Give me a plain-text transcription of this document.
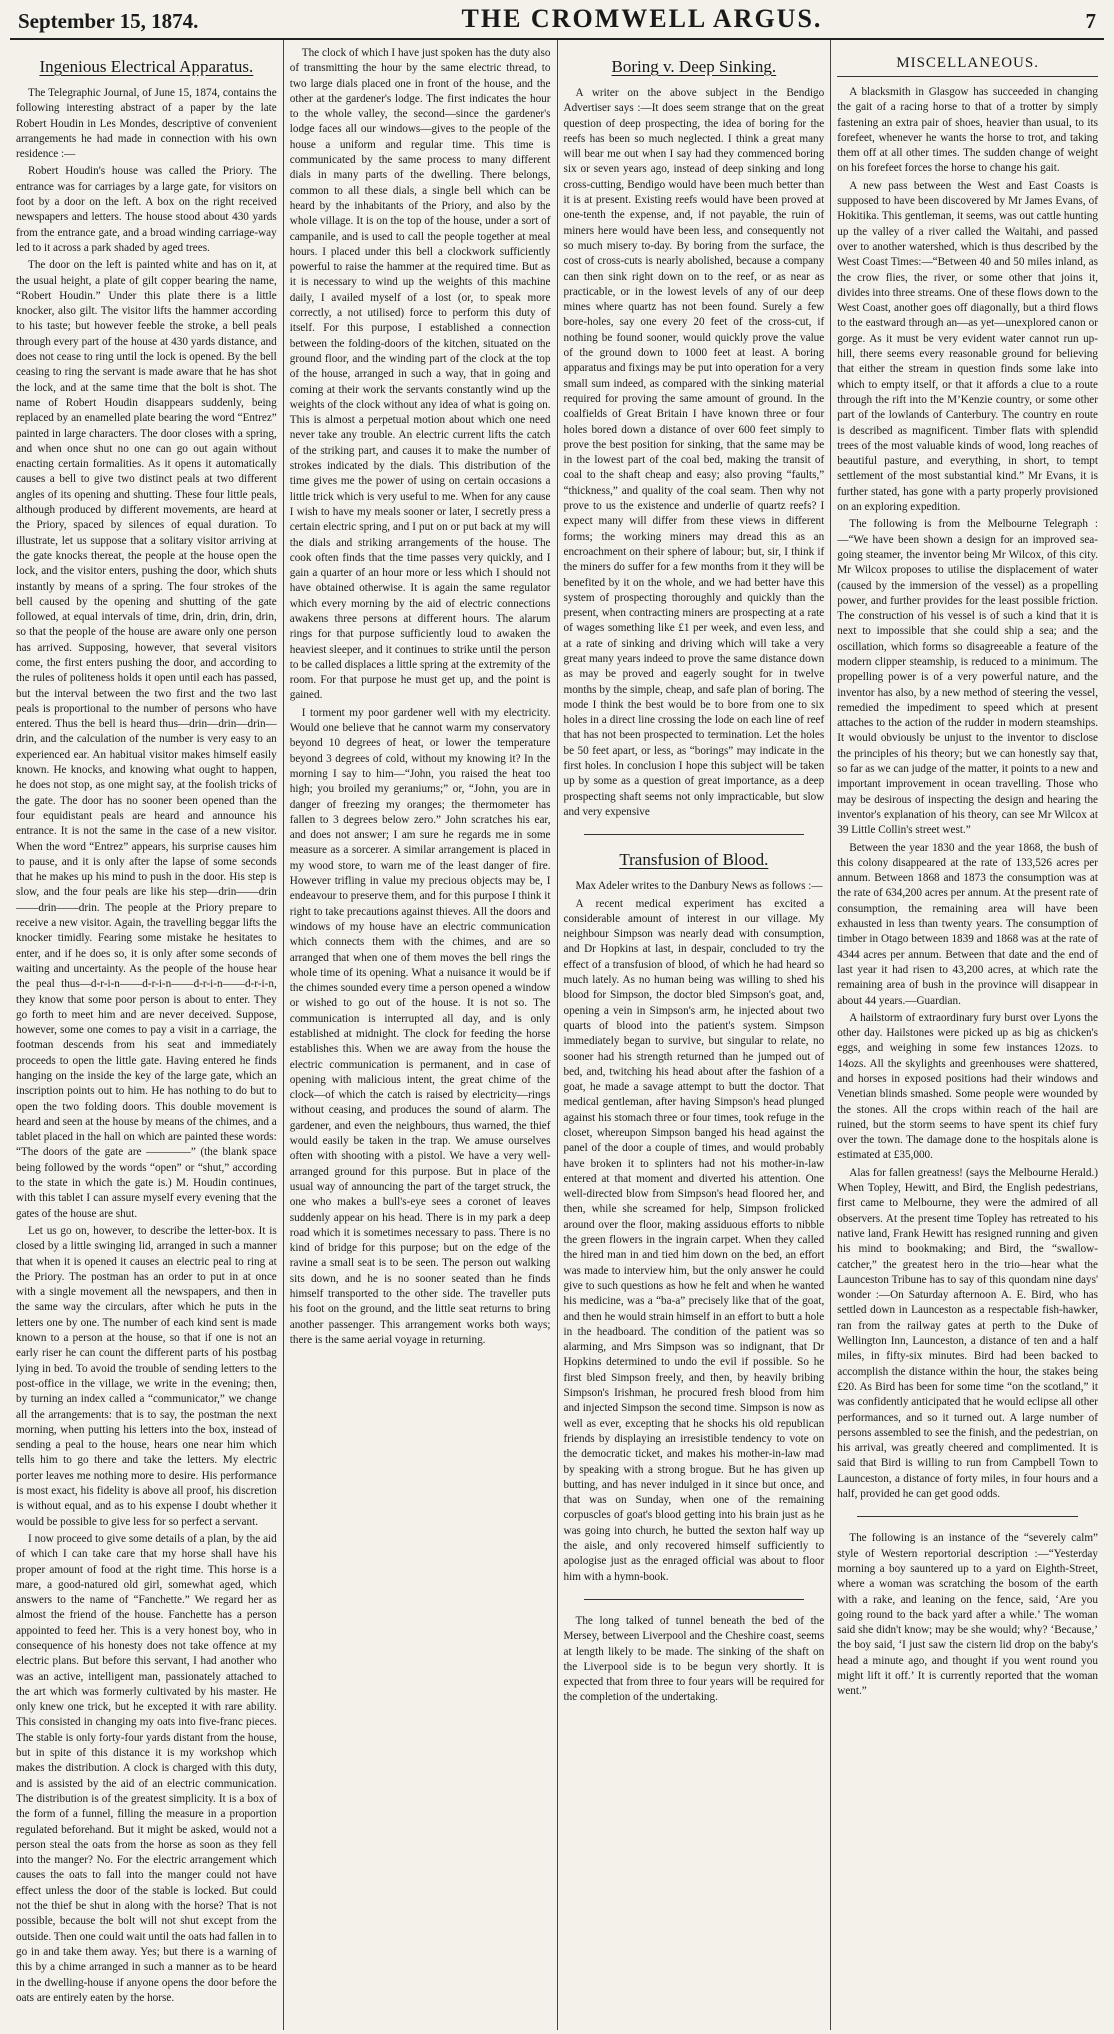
September 15, 1874.	THE CROMWELL ARGUS.	7
Ingenious Electrical Apparatus.

The Telegraphic Journal, of June 15, 1874, contains the following interesting abstract of a paper by the late Robert Houdin in Les Mondes, descriptive of convenient arrangements he had made in connection with his own residence :—

Robert Houdin's house was called the Priory. The entrance was for carriages by a large gate, for visitors on foot by a door on the left. A box on the right received newspapers and letters. The house stood about 430 yards from the entrance gate, and a broad winding carriage-way led to it across a park shaded by aged trees.

The door on the left is painted white and has on it, at the usual height, a plate of gilt copper bearing the name, “Robert Houdin.” Under this plate there is a little knocker, also gilt. The visitor lifts the hammer according to his taste; but however feeble the stroke, a bell peals through every part of the house at 430 yards distance, and does not cease to ring until the lock is opened. By the bell ceasing to ring the servant is made aware that he has shot the lock, and at the same time that the bolt is shot. The name of Robert Houdin disappears suddenly, being replaced by an enamelled plate bearing the word “Entrez” painted in large characters. The door closes with a spring, and when once shut no one can go out again without enacting certain formalities. As it opens it automatically causes a bell to give two distinct peals at two different angles of its opening and shutting. These four little peals, although produced by different movements, are heard at the Priory, spaced by silences of equal duration. To illustrate, let us suppose that a solitary visitor arriving at the gate knocks thereat, the people at the house open the lock, and the visitor enters, pushing the door, which shuts instantly by means of a spring. The four strokes of the bell caused by the opening and shutting of the gate followed, at equal intervals of time, drin, drin, drin, drin, so that the people of the house are aware only one person has arrived. Supposing, however, that several visitors come, the first enters pushing the door, and according to the rules of politeness holds it open until each has passed, but the interval between the two first and the two last peals is proportional to the number of persons who have entered. Thus the bell is heard thus—drin—drin—drin—drin, and the calculation of the number is very easy to an experienced ear. An habitual visitor makes himself easily known. He knocks, and knowing what ought to happen, he does not stop, as one might say, at the foolish tricks of the gate. The door has no sooner been opened than the four equidistant peals are heard and announce his entrance. It is not the same in the case of a new visitor. When the word “Entrez” appears, his surprise causes him to pause, and it is only after the lapse of some seconds that he makes up his mind to push in the door. His step is slow, and the four peals are like his step—drin——drin——drin——drin. The people at the Priory prepare to receive a new visitor. Again, the travelling beggar lifts the knocker timidly. Fearing some mistake he hesitates to enter, and if he does so, it is only after some seconds of waiting and uncertainty. As the people of the house hear the peal thus—d-r-i-n——d-r-i-n——d-r-i-n——d-r-i-n, they know that some poor person is about to enter. They go forth to meet him and are never deceived. Suppose, however, some one comes to pay a visit in a carriage, the footman descends from his seat and immediately proceeds to open the little gate. Having entered he finds hanging on the inside the key of the large gate, which an inscription points out to him. He has nothing to do but to open the two folding doors. This double movement is heard and seen at the house by means of the chimes, and a tablet placed in the hall on which are painted these words: “The doors of the gate are ————” (the blank space being followed by the words “open” or “shut,” according to the state in which the gate is.) M. Houdin continues, with this tablet I can assure myself every evening that the gates of the house are shut.

Let us go on, however, to describe the letter-box. It is closed by a little swinging lid, arranged in such a manner that when it is opened it causes an electric peal to ring at the Priory. The postman has an order to put in at once with a single movement all the newspapers, and then in the same way the circulars, after which he puts in the letters one by one. The number of each kind sent is made known to a person at the house, so that if one is not an early riser he can count the different parts of his postbag lying in bed. To avoid the trouble of sending letters to the post-office in the village, we write in the evening; then, by turning an index called a “communicator,” we change all the arrangements: that is to say, the postman the next morning, when putting his letters into the box, instead of sending a peal to the house, hears one near him which tells him to go there and take the letters. My electric porter leaves me nothing more to desire. His performance is most exact, his fidelity is above all proof, his discretion is without equal, and as to his expense I doubt whether it would be possible to give less for so perfect a servant.

I now proceed to give some details of a plan, by the aid of which I can take care that my horse shall have his proper amount of food at the right time. This horse is a mare, a good-natured old girl, somewhat aged, which answers to the name of “Fanchette.” We regard her as almost the friend of the house. Fanchette has a person appointed to feed her. This is a very honest boy, who in consequence of his honesty does not take offence at my electric plans. But before this servant, I had another who was an active, intelligent man, passionately attached to the art which was formerly cultivated by his master. He only knew one trick, but he excepted it with rare ability. This consisted in changing my oats into five-franc pieces. The stable is only forty-four yards distant from the house, but in spite of this distance it is my workshop which makes the distribution. A clock is charged with this duty, and is assisted by the aid of an electric communication. The distribution is of the greatest simplicity. It is a box of the form of a funnel, filling the measure in a proportion regulated beforehand. But it might be asked, would not a person steal the oats from the horse as soon as they fell into the manger? No. For the electric arrangement which causes the oats to fall into the manger could not have effect unless the door of the stable is locked. But could not the thief be shut in along with the horse? That is not possible, because the bolt will not shut except from the outside. Then one could wait until the oats had fallen in to go in and take them away. Yes; but there is a warning of this by a chime arranged in such a manner as to be heard in the dwelling-house if anyone opens the door before the oats are entirely eaten by the horse.

The clock of which I have just spoken has the duty also of transmitting the hour by the same electric thread, to two large dials placed one in front of the house, and the other at the gardener's lodge. The first indicates the hour to the whole valley, the second—since the gardener's lodge faces all our windows—gives to the people of the house a uniform and regular time. This time is communicated by the same process to many different dials in many parts of the dwelling. There belongs, common to all these dials, a single bell which can be heard by the inhabitants of the Priory, and also by the whole village. It is on the top of the house, under a sort of campanile, and is used to call the people together at meal hours. I placed under this bell a clockwork sufficiently powerful to raise the hammer at the required time. But as it is necessary to wind up the weights of this machine daily, I availed myself of a lost (or, to speak more correctly, a not utilised) force to perform this duty of itself. For this purpose, I established a connection between the folding-doors of the kitchen, situated on the ground floor, and the winding part of the clock at the top of the house, arranged in such a way, that in going and coming at their work the servants constantly wind up the weights of the clock without any idea of what is going on. This is almost a perpetual motion about which one need never take any trouble. An electric current lifts the catch of the striking part, and causes it to make the number of strokes indicated by the dials. This distribution of the time gives me the power of using on certain occasions a little trick which is very useful to me. When for any cause I wish to have my meals sooner or later, I secretly press a certain electric spring, and I put on or put back at my will the dials and striking arrangements of the house. The cook often finds that the time passes very quickly, and I gain a quarter of an hour more or less which I should not have obtained otherwise. It is again the same regulator which every morning by the aid of electric connections awakens three persons at different hours. The alarum rings for that purpose sufficiently loud to awaken the heaviest sleeper, and it continues to strike until the person to be called displaces a little spring at the extremity of the room. For that purpose he must get up, and the point is gained.

I torment my poor gardener well with my electricity. Would one believe that he cannot warm my conservatory beyond 10 degrees of heat, or lower the temperature beyond 3 degrees of cold, without my knowing it? In the morning I say to him—“John, you raised the heat too high; you broiled my geraniums;” or, “John, you are in danger of freezing my oranges; the thermometer has fallen to 3 degrees below zero.” John scratches his ear, and does not answer; I am sure he regards me in some measure as a sorcerer. A similar arrangement is placed in my wood store, to warn me of the least danger of fire. However trifling in value my precious objects may be, I endeavour to preserve them, and for this purpose I think it right to take precautions against thieves. All the doors and windows of my house have an electric communication which connects them with the chimes, and are so arranged that when one of them moves the bell rings the whole time of its opening. What a nuisance it would be if the chimes sounded every time a person opened a window or wished to go out of the house. It is not so. The communication is interrupted all day, and is only established at midnight. The clock for feeding the horse establishes this. When we are away from the house the electric communication is permanent, and in case of opening with malicious intent, the great chime of the clock—of which the catch is raised by electricity—rings without ceasing, and produces the sound of alarm. The gardener, and even the neighbours, thus warned, the thief would easily be taken in the trap. We amuse ourselves often with shooting with a pistol. We have a very well-arranged ground for this purpose. But in place of the usual way of announcing the part of the target struck, the one who makes a bull's-eye sees a coronet of leaves suddenly appear on his head. There is in my park a deep road which it is sometimes necessary to pass. There is no kind of bridge for this purpose; but on the edge of the ravine a small seat is to be seen. The person out walking sits down, and he is no sooner seated than he finds himself transported to the other side. The traveller puts his foot on the ground, and the little seat returns to bring another passenger. This arrangement works both ways; there is the same aerial voyage in returning.

Boring v. Deep Sinking.

A writer on the above subject in the Bendigo Advertiser says :—It does seem strange that on the great question of deep prospecting, the idea of boring for the reefs has been so much neglected. I think a great many will bear me out when I say had they commenced boring six or seven years ago, instead of deep sinking and long cross-cutting, Bendigo would have been much better than it is at present. Existing reefs would have been proved at one-tenth the expense, and, if not payable, the ruin of miners here would have been less, and consequently not so much misery to-day. By boring from the surface, the cost of cross-cuts is nearly abolished, because a company can then sink right down on to the reef, or as near as practicable, or in the lowest levels of any of our deep mines where quartz has not been found. Surely a few bore-holes, say one every 20 feet of the cross-cut, if nothing be found sooner, would quickly prove the value of the ground down to 1000 feet at least. A boring apparatus and fixings may be put into operation for a very small sum indeed, as compared with the sinking material required for proving the same amount of ground. In the coalfields of Great Britain I have known three or four holes bored down a distance of over 600 feet simply to prove the best position for sinking, that the same may be in the lowest part of the coal bed, making the transit of coal to the shaft cheap and easy; also proving “faults,” “thickness,” and quality of the coal seam. Then why not prove to us the existence and underlie of quartz reefs? I expect many will differ from these views in different forms; the working miners may dread this as an encroachment on their sphere of labour; but, sir, I think if the miners do suffer for a few months from it they will be benefited by it on the whole, and we had better have this system of prospecting thoroughly and quickly than the present, when contracting miners are prospecting at a rate of wages something like £1 per week, and even less, and at a rate of sinking and driving which will take a very great many years indeed to prove the same distance down as may be proved and eagerly sought for in twelve months by the simple, cheap, and safe plan of boring. The mode I think the best would be to bore from one to six holes in a direct line crossing the lode on each line of reef that has not been prospected to termination. Let the holes be 50 feet apart, or less, as “borings” may indicate in the first holes. In conclusion I hope this subject will be taken up by some as a question of great importance, as a deep prospecting shaft seems not only impracticable, but slow and very expensive

Transfusion of Blood.

Max Adeler writes to the Danbury News as follows :—

A recent medical experiment has excited a considerable amount of interest in our village. My neighbour Simpson was nearly dead with consumption, and Dr Hopkins at last, in despair, concluded to try the effect of a transfusion of blood, of which he had heard so much lately. As no human being was willing to shed his blood for Simpson, the doctor bled Simpson's goat, and, opening a vein in Simpson's arm, he injected about two quarts of blood into the patient's system. Simpson immediately began to survive, but singular to relate, no sooner had his strength returned than he jumped out of bed, and, twitching his head about after the fashion of a goat, he made a savage attempt to butt the doctor. That medical gentleman, after having Simpson's head plunged against his stomach three or four times, took refuge in the closet, whereupon Simpson banged his head against the panel of the door a couple of times, and would probably have broken it to splinters had not his mother-in-law entered at that moment and diverted his attention. One well-directed blow from Simpson's head floored her, and then, while she screamed for help, Simpson frolicked around over the floor, making assiduous efforts to nibble the green flowers in the ingrain carpet. When they called the hired man in and tied him down on the bed, an effort was made to interview him, but the only answer he could give to such questions as how he felt and when he wanted his medicine, was a “ba-a” precisely like that of the goat, and then he would strain himself in an effort to butt a hole in the headboard. The condition of the patient was so alarming, and Mrs Simpson was so indignant, that Dr Hopkins determined to undo the evil if possible. So he first bled Simpson freely, and then, by heavily bribing Simpson's Irishman, he procured fresh blood from him and injected Simpson the second time. Simpson is now as well as ever, excepting that he shocks his old republican friends by displaying an irresistible tendency to vote on the democratic ticket, and makes his mother-in-law mad by speaking with a strong brogue. But he has given up butting, and has never indulged in it since but once, and that was on Sunday, when one of the remaining corpuscles of goat's blood getting into his brain just as he was going into church, he butted the sexton half way up the aisle, and only recovered himself sufficiently to apologise just as the enraged official was about to floor him with a hymn-book.

The long talked of tunnel beneath the bed of the Mersey, between Liverpool and the Cheshire coast, seems at length likely to be made. The sinking of the shaft on the Liverpool side is to be begun very shortly. It is expected that from three to four years will be required for the completion of the undertaking.

MISCELLANEOUS.

A blacksmith in Glasgow has succeeded in changing the gait of a racing horse to that of a trotter by simply fastening an extra pair of shoes, heavier than usual, to its forefeet, whenever he wants the horse to trot, and taking them off at all other times. The sudden change of weight on his forefeet forces the horse to change his gait.

A new pass between the West and East Coasts is supposed to have been discovered by Mr James Evans, of Hokitika. This gentleman, it seems, was out cattle hunting up the valley of a river called the Waitahi, and passed over to another watershed, which is thus described by the West Coast Times:—“Between 40 and 50 miles inland, as the crow flies, the river, or some other that joins it, divides into three streams. One of these flows down to the West Coast, another goes off diagonally, but a third flows to the eastward through an—as yet—unexplored canon or gorge. As it must be very evident water cannot run up-hill, there seems every reasonable ground for believing that either the stream in question finds some lake into which to empty itself, or that it affords a clue to a route through the rift into the M’Kenzie country, or some other part of the lowlands of Canterbury. The country en route is described as magnificent. Timber flats with splendid trees of the most valuable kinds of wood, long reaches of beautiful pasture, and everything, in short, to tempt settlement of the most substantial kind.” Mr Evans, it is further stated, has gone with a party properly provisioned on an exploring expedition.

The following is from the Melbourne Telegraph :—“We have been shown a design for an improved sea-going steamer, the inventor being Mr Wilcox, of this city. Mr Wilcox proposes to utilise the displacement of water (caused by the immersion of the vessel) as a propelling power, and further provides for the least possible friction. The construction of his vessel is of such a kind that it is next to impossible that she could ship a sea; and the oscillation, which forms so disagreeable a feature of the modern clipper steamship, is reduced to a minimum. The propelling power is of a very powerful nature, and the inventor has also, by a new method of steering the vessel, remedied the impediment to speed which at present attaches to the action of the rudder in modern steamships. It would obviously be unjust to the inventor to disclose the principles of his theory; but we can honestly say that, so far as we can judge of the matter, it points to a new and important improvement in ocean travelling. Those who may be desirous of inspecting the design and hearing the inventor's explanation of his theory, can see Mr Wilcox at 39 Little Collin's street west.”

Between the year 1830 and the year 1868, the bush of this colony disappeared at the rate of 133,526 acres per annum. Between 1868 and 1873 the consumption was at the rate of 634,200 acres per annum. At the present rate of consumption, the remaining area will have been exhausted in less than twenty years. The consumption of timber in Otago between 1839 and 1868 was at the rate of 4344 acres per annum. Between that date and the end of last year it had risen to 43,200 acres, at which rate the remaining area of bush in the province will disappear in about 44 years.—Guardian.

A hailstorm of extraordinary fury burst over Lyons the other day. Hailstones were picked up as big as chicken's eggs, and weighing in some few instances 12ozs. to 14ozs. All the skylights and greenhouses were shattered, and horses in exposed positions had their windows and Venetian blinds smashed. Some people were wounded by the stones. All the crops within reach of the hail are ruined, but the storm seems to have spent its chief fury over the town. The damage done to the hospitals alone is estimated at £35,000.

Alas for fallen greatness! (says the Melbourne Herald.) When Topley, Hewitt, and Bird, the English pedestrians, first came to Melbourne, they were the admired of all observers. At the present time Topley has retreated to his native land, Frank Hewitt has resigned running and given his mind to bookmaking; and Bird, the “swallow-catcher,” the greatest hero in the trio—hear what the Launceston Tribune has to say of this quondam nine days' wonder :—On Saturday afternoon A. E. Bird, who has settled down in Launceston as a respectable fish-hawker, ran from the railway gates at perth to the Duke of Wellington Inn, Launceston, a distance of ten and a half miles, in fifty-six minutes. Bird had been backed to accomplish the distance within the hour, the stakes being £20. As Bird has been for some time “on the scotland,” it was confidently anticipated that he would eclipse all other performances, and so it turned out. A large number of persons assembled to see the finish, and the pedestrian, on his arrival, was greatly cheered and complimented. It is said that Bird is willing to run from Campbell Town to Launceston, a distance of forty miles, in four hours and a half, provided he can get good odds.

The following is an instance of the “severely calm” style of Western reportorial description :—“Yesterday morning a boy sauntered up to a yard on Eighth-Street, where a woman was scratching the bosom of the earth with a rake, and leaning on the fence, said, ‘Are you going round to the back yard after a while.’ The woman said she didn't know; may be she would; why? ‘Because,’ the boy said, ‘I just saw the cistern lid drop on the baby's head a minute ago, and thought if you went round you might lift it off.’ It is currently reported that the woman went.”
